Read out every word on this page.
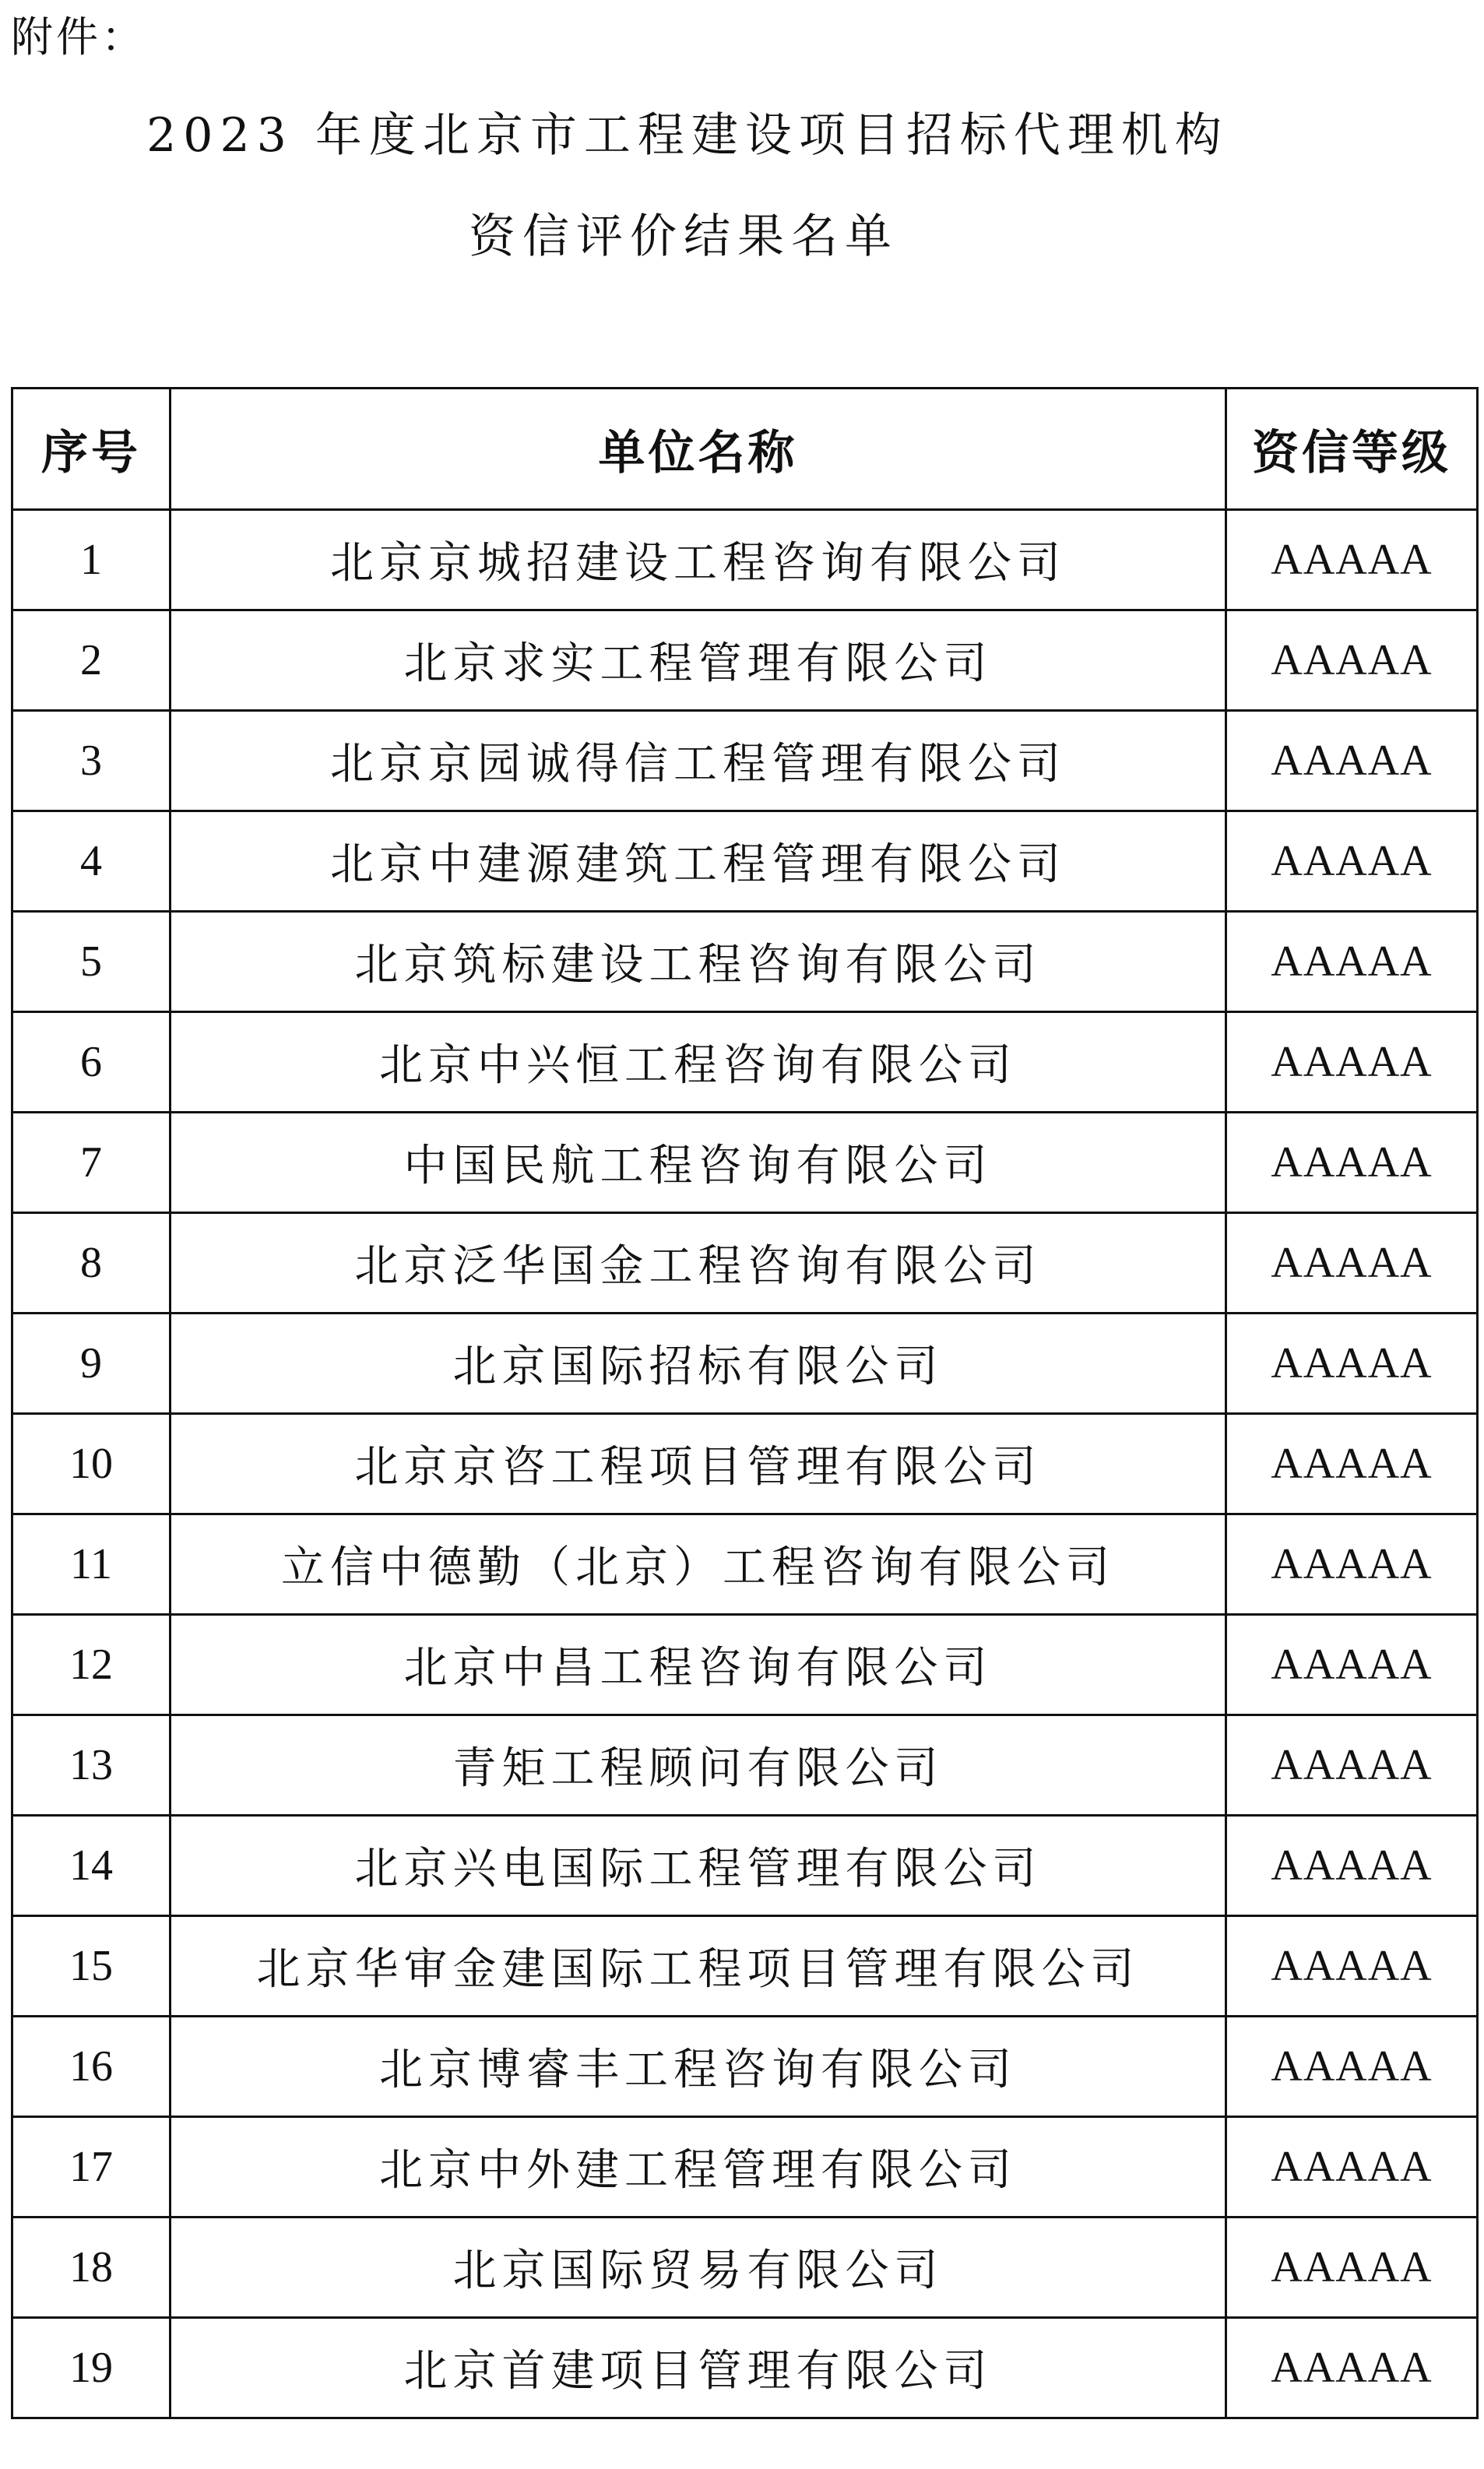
附件：
2023 年度北京市工程建设项目招标代理机构
资信评价结果名单
序号	单位名称	资信等级
1	北京京城招建设工程咨询有限公司	AAAAA
2	北京求实工程管理有限公司	AAAAA
3	北京京园诚得信工程管理有限公司	AAAAA
4	北京中建源建筑工程管理有限公司	AAAAA
5	北京筑标建设工程咨询有限公司	AAAAA
6	北京中兴恒工程咨询有限公司	AAAAA
7	中国民航工程咨询有限公司	AAAAA
8	北京泛华国金工程咨询有限公司	AAAAA
9	北京国际招标有限公司	AAAAA
10	北京京咨工程项目管理有限公司	AAAAA
11	立信中德勤（北京）工程咨询有限公司	AAAAA
12	北京中昌工程咨询有限公司	AAAAA
13	青矩工程顾问有限公司	AAAAA
14	北京兴电国际工程管理有限公司	AAAAA
15	北京华审金建国际工程项目管理有限公司	AAAAA
16	北京博睿丰工程咨询有限公司	AAAAA
17	北京中外建工程管理有限公司	AAAAA
18	北京国际贸易有限公司	AAAAA
19	北京首建项目管理有限公司	AAAAA
